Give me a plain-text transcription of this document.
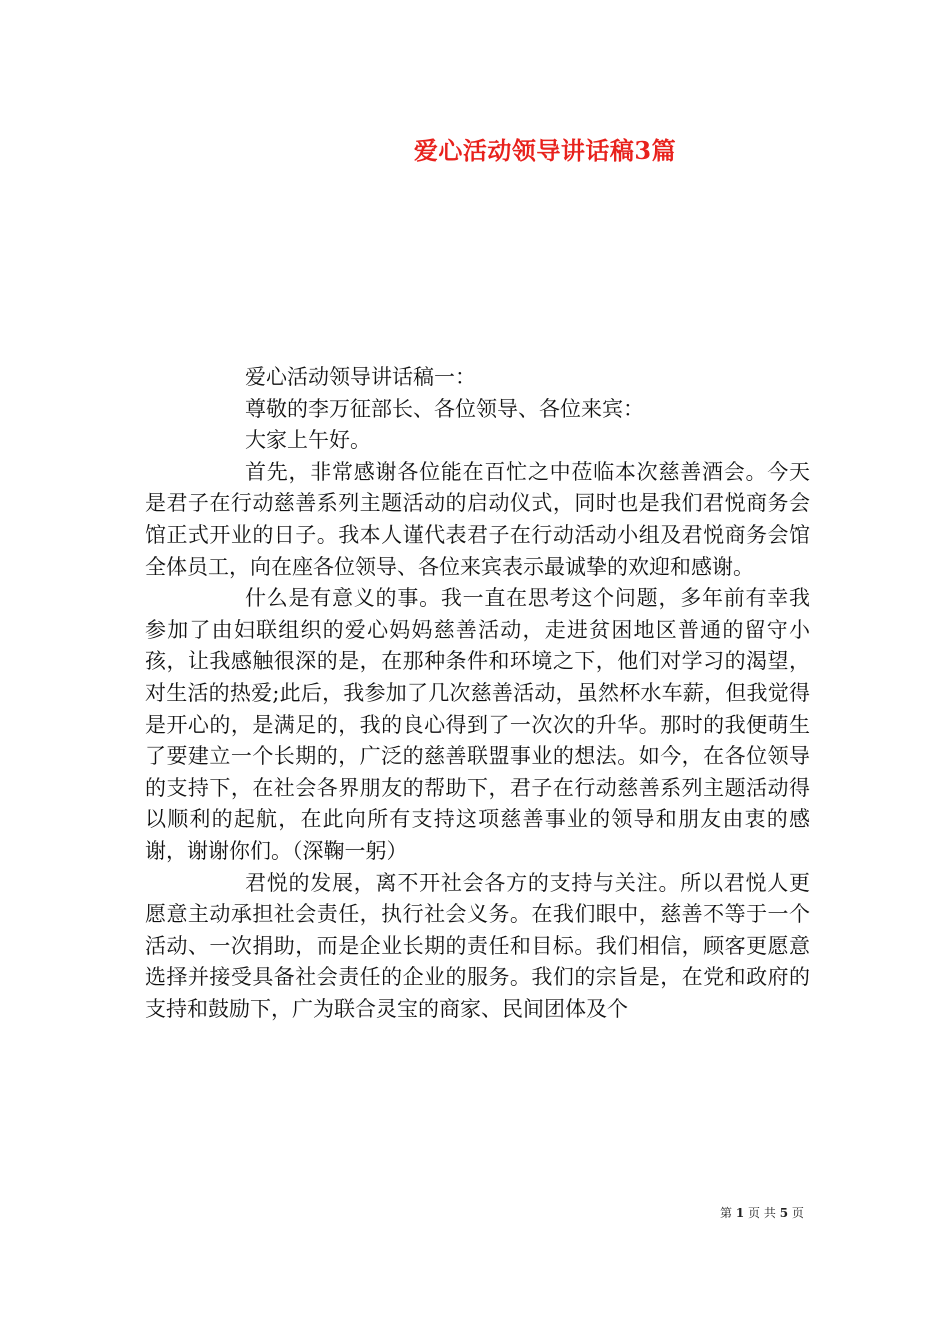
爱心活动领导讲话稿3篇

爱心活动领导讲话稿一：

尊敬的李万征部长、各位领导、各位来宾：

大家上午好。

首先，非常感谢各位能在百忙之中莅临本次慈善酒会。今天是君子在行动慈善系列主题活动的启动仪式，同时也是我们君悦商务会馆正式开业的日子。我本人谨代表君子在行动活动小组及君悦商务会馆全体员工，向在座各位领导、各位来宾表示最诚挚的欢迎和感谢。

什么是有意义的事。我一直在思考这个问题，多年前有幸我参加了由妇联组织的爱心妈妈慈善活动，走进贫困地区普通的留守小孩，让我感触很深的是，在那种条件和环境之下，他们对学习的渴望，对生活的热爱;此后，我参加了几次慈善活动，虽然杯水车薪，但我觉得是开心的，是满足的，我的良心得到了一次次的升华。那时的我便萌生了要建立一个长期的，广泛的慈善联盟事业的想法。如今，在各位领导的支持下，在社会各界朋友的帮助下，君子在行动慈善系列主题活动得以顺利的起航，在此向所有支持这项慈善事业的领导和朋友由衷的感谢，谢谢你们。（深鞠一躬）

君悦的发展，离不开社会各方的支持与关注。所以君悦人更愿意主动承担社会责任，执行社会义务。在我们眼中，慈善不等于一个活动、一次捐助，而是企业长期的责任和目标。我们相信，顾客更愿意选择并接受具备社会责任的企业的服务。我们的宗旨是，在党和政府的支持和鼓励下，广为联合灵宝的商家、民间团体及个

第 1 页 共 5 页
